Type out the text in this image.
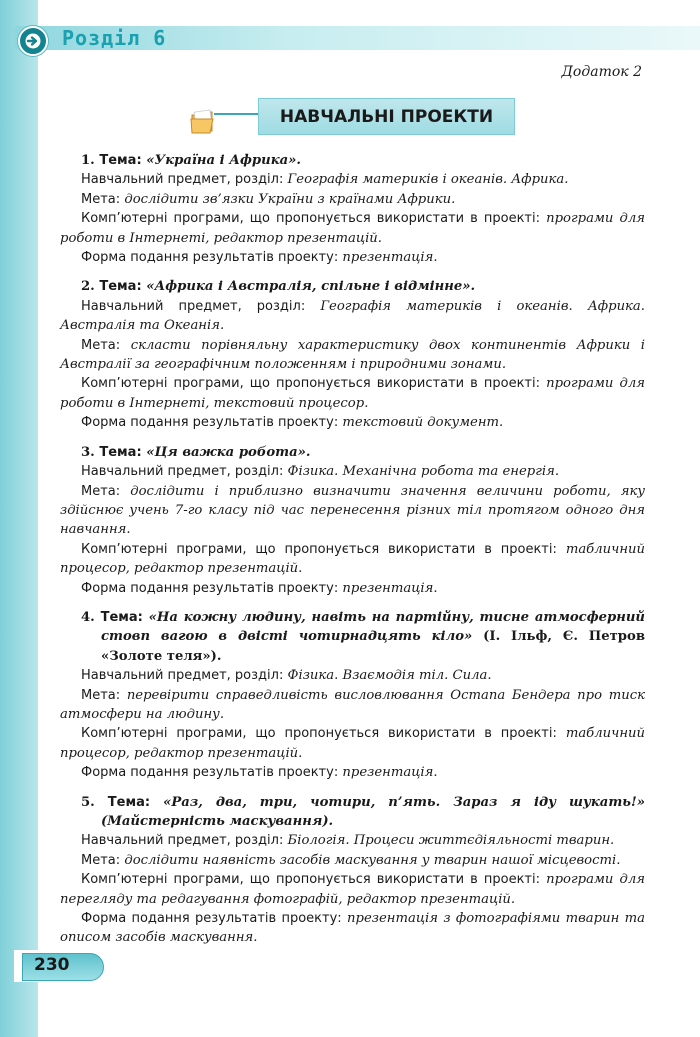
Розділ 6
Додаток 2
НАВЧАЛЬНІ ПРОЕКТИ

1. Тема: «Україна і Африка».

Навчальний предмет, розділ: Географія материків і океанів. Африка.

Мета: дослідити зв’язки України з країнами Африки.

Комп’ютерні програми, що пропонується використати в проекті: програми для роботи в Інтернеті, редактор презентацій.

Форма подання результатів проекту: презентація.

2. Тема: «Африка і Австралія, спільне і відмінне».

Навчальний предмет, розділ: Географія материків і океанів. Африка. Австралія та Океанія.

Мета: скласти порівняльну характеристику двох континентів Африки і Австралії за географічним положенням і природними зонами.

Комп’ютерні програми, що пропонується використати в проекті: програми для роботи в Інтернеті, текстовий процесор.

Форма подання результатів проекту: текстовий документ.

3. Тема: «Ця важка робота».

Навчальний предмет, розділ: Фізика. Механічна робота та енергія.

Мета: дослідити і приблизно визначити значення величини роботи, яку здійснює учень 7-го класу під час перенесення різних тіл протягом одного дня навчання.

Комп’ютерні програми, що пропонується використати в проекті: табличний процесор, редактор презентацій.

Форма подання результатів проекту: презентація.

4. Тема: «На кожну людину, навіть на партійну, тисне атмосферний стовп вагою в двісті чотирнадцять кіло» (І. Ільф, Є. Петров «Золоте теля»).

Навчальний предмет, розділ: Фізика. Взаємодія тіл. Сила.

Мета: перевірити справедливість висловлювання Остапа Бендера про тиск атмосфери на людину.

Комп’ютерні програми, що пропонується використати в проекті: табличний процесор, редактор презентацій.

Форма подання результатів проекту: презентація.

5. Тема: «Раз, два, три, чотири, п’ять. Зараз я іду шукать!» (Майстерність маскування).

Навчальний предмет, розділ: Біологія. Процеси життєдіяльності тварин.

Мета: дослідити наявність засобів маскування у тварин нашої місцевості.

Комп’ютерні програми, що пропонується використати в проекті: програми для перегляду та редагування фотографій, редактор презентацій.

Форма подання результатів проекту: презентація з фотографіями тварин та описом засобів маскування.

230
